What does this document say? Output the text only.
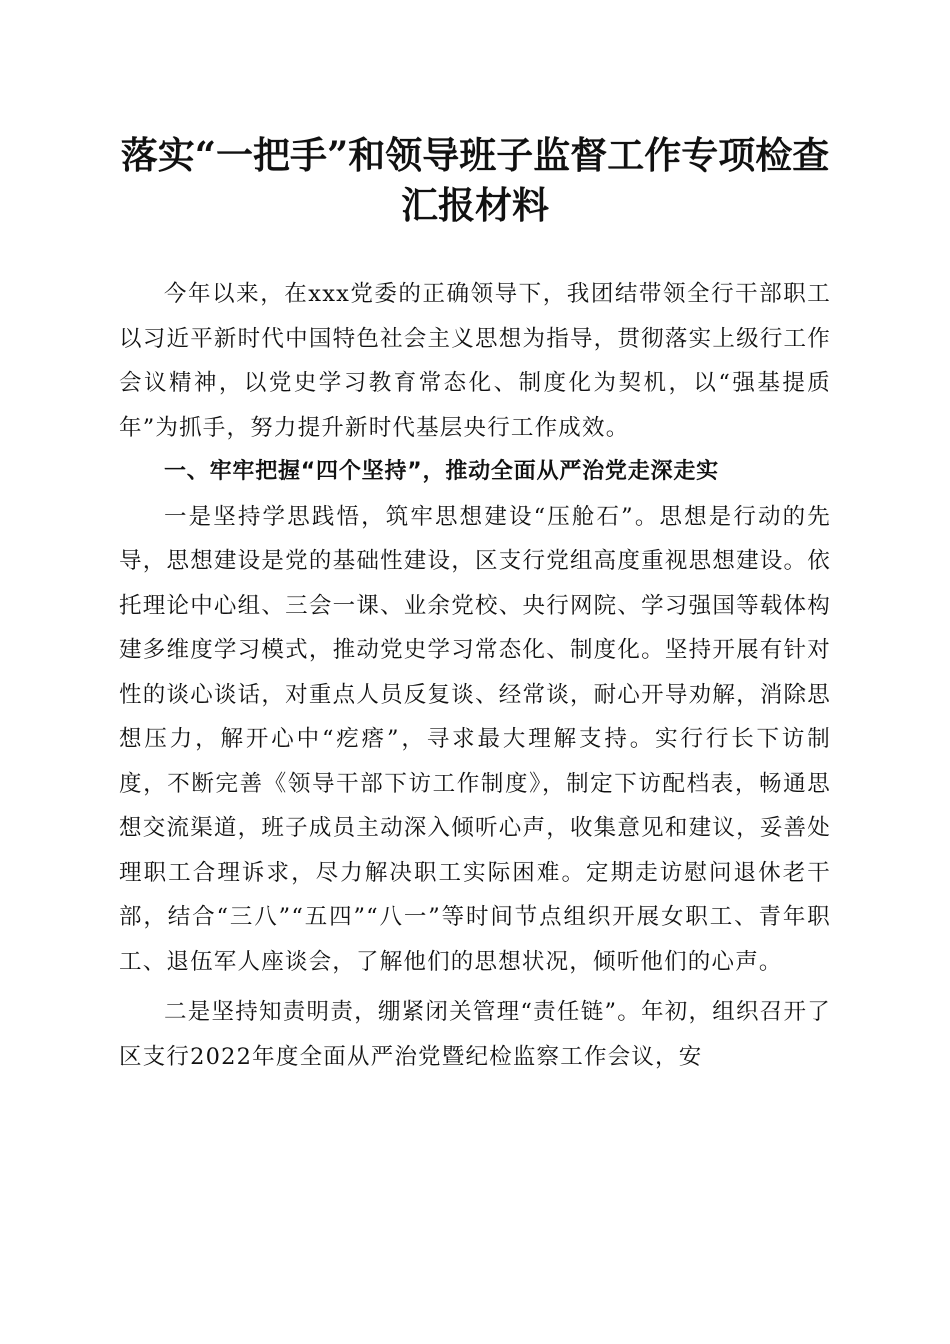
落实“一把手”和领导班子监督工作专项检查
汇报材料

今年以来，在xxx党委的正确领导下，我团结带领全行干部职工以习近平新时代中国特色社会主义思想为指导，贯彻落实上级行工作会议精神，以党史学习教育常态化、制度化为契机，以“强基提质年”为抓手，努力提升新时代基层央行工作成效。

一、牢牢把握“四个坚持”，推动全面从严治党走深走实

一是坚持学思践悟，筑牢思想建设“压舱石”。思想是行动的先导，思想建设是党的基础性建设，区支行党组高度重视思想建设。依托理论中心组、三会一课、业余党校、央行网院、学习强国等载体构建多维度学习模式，推动党史学习常态化、制度化。坚持开展有针对性的谈心谈话，对重点人员反复谈、经常谈，耐心开导劝解，消除思想压力，解开心中“疙瘩”，寻求最大理解支持。实行行长下访制度，不断完善《领导干部下访工作制度》，制定下访配档表，畅通思想交流渠道，班子成员主动深入倾听心声，收集意见和建议，妥善处理职工合理诉求，尽力解决职工实际困难。定期走访慰问退休老干部，结合“三八”“五四”“八一”等时间节点组织开展女职工、青年职工、退伍军人座谈会，了解他们的思想状况，倾听他们的心声。

二是坚持知责明责，绷紧闭关管理“责任链”。年初，组织召开了区支行2022年度全面从严治党暨纪检监察工作会议，安
